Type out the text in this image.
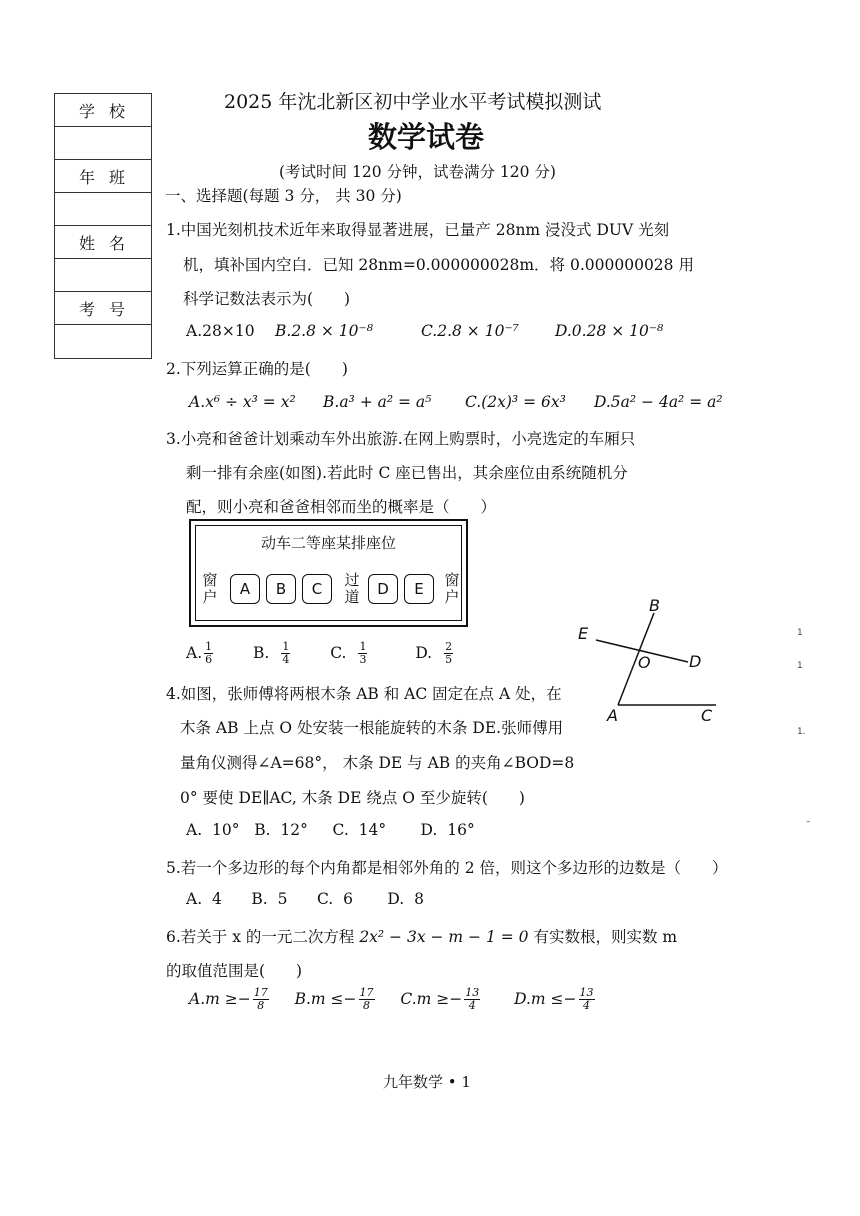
学校
年班
姓名
考号
2025 年沈北新区初中学业水平考试模拟测试
数学试卷
(考试时间 120 分钟，试卷满分 120 分)
一、选择题(每题 3 分， 共 30 分)
1.中国光刻机技术近年来取得显著进展，已量产 28nm 浸没式 DUV 光刻
机，填补国内空白．已知 28nm=0.000000028m．将 0.000000028 用
科学记数法表示为(　　)
A.28×10 B.2.8 × 10⁻⁸	C.2.8 × 10⁻⁷ D.0.28 × 10⁻⁸
2.下列运算正确的是(　　)
A.x⁶ ÷ x³ = x² B.a³ + a² = a⁵ C.(2x)³ = 6x³ D.5a² − 4a² = a²
3.小亮和爸爸计划乘动车外出旅游.在网上购票时，小亮选定的车厢只
剩一排有余座(如图).若此时 C 座已售出，其余座位由系统随机分
配，则小亮和爸爸相邻而坐的概率是（　　）
动车二等座某排座位
窗户	A	B	C	过道	D	E	窗户
A. $\frac{1}{6}$	B. $\frac{1}{4}$	C. $\frac{1}{3}$	D. $\frac{2}{5}$
B
E
O D
A	C
4.如图，张师傅将两根木条 AB 和 AC 固定在点 A 处，在
木条 AB 上点 O 处安装一根能旋转的木条 DE.张师傅用
量角仪测得∠A=68°， 木条 DE 与 AB 的夹角∠BOD=8
0° 要使 DE∥AC, 木条 DE 绕点 O 至少旋转(　　)
A.  10°   B.  12°     C.  14°       D.  16°
5.若一个多边形的每个内角都是相邻外角的 2 倍，则这个多边形的边数是（　　）
A.  4      B.  5      C.  6       D.  8
6.若关于 x 的一元二次方程 2x² − 3x − m − 1 = 0 有实数根，则实数 m
的取值范围是(　　)
$A.m \ge- \frac{17}{8} B.m \le- \frac{17}{8} C.m \ge- \frac{13}{4} D.m \le- \frac{13}{4}$
1
1
1.
–
九年数学 • 1
